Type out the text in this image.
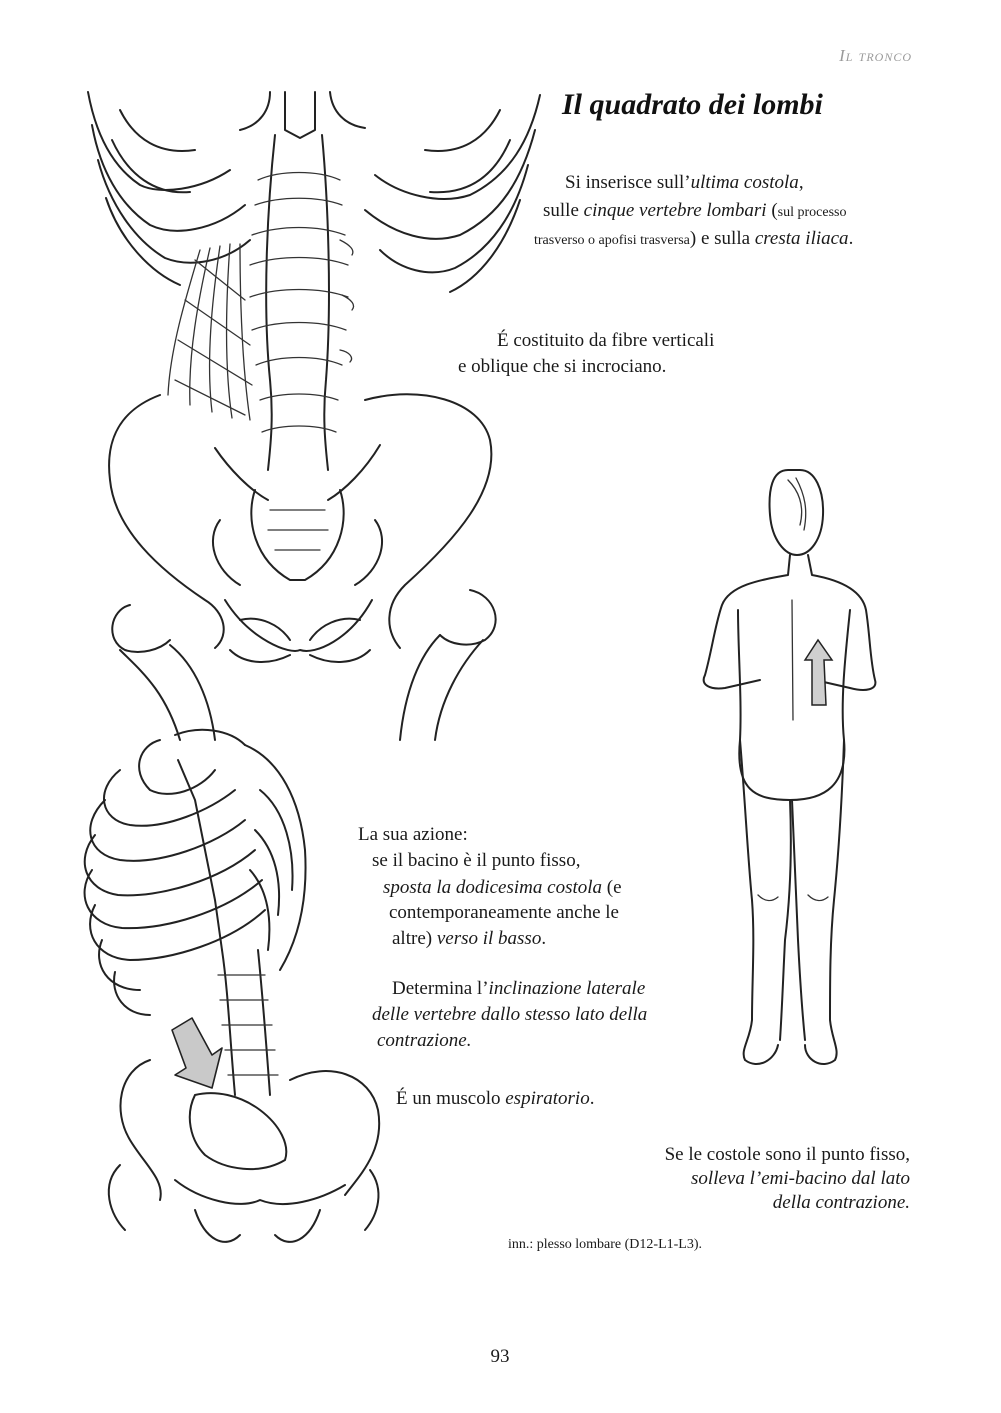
Il tronco
Il quadrato dei lombi
Si inserisce sull’ultima costola,
sulle cinque vertebre lombari (sul processo
trasverso o apofisi trasversa) e sulla cresta iliaca.
É costituito da fibre verticali
e oblique che si incrociano.
La sua azione:
se il bacino è il punto fisso,
sposta la dodicesima costola (e
contemporaneamente anche le
altre) verso il basso.
Determina l’inclinazione laterale
delle vertebre dallo stesso lato della
contrazione.
É un muscolo espiratorio.
Se le costole sono il punto fisso,
solleva l’emi-bacino dal lato
della contrazione.
inn.: plesso lombare (D12-L1-L3).
93
